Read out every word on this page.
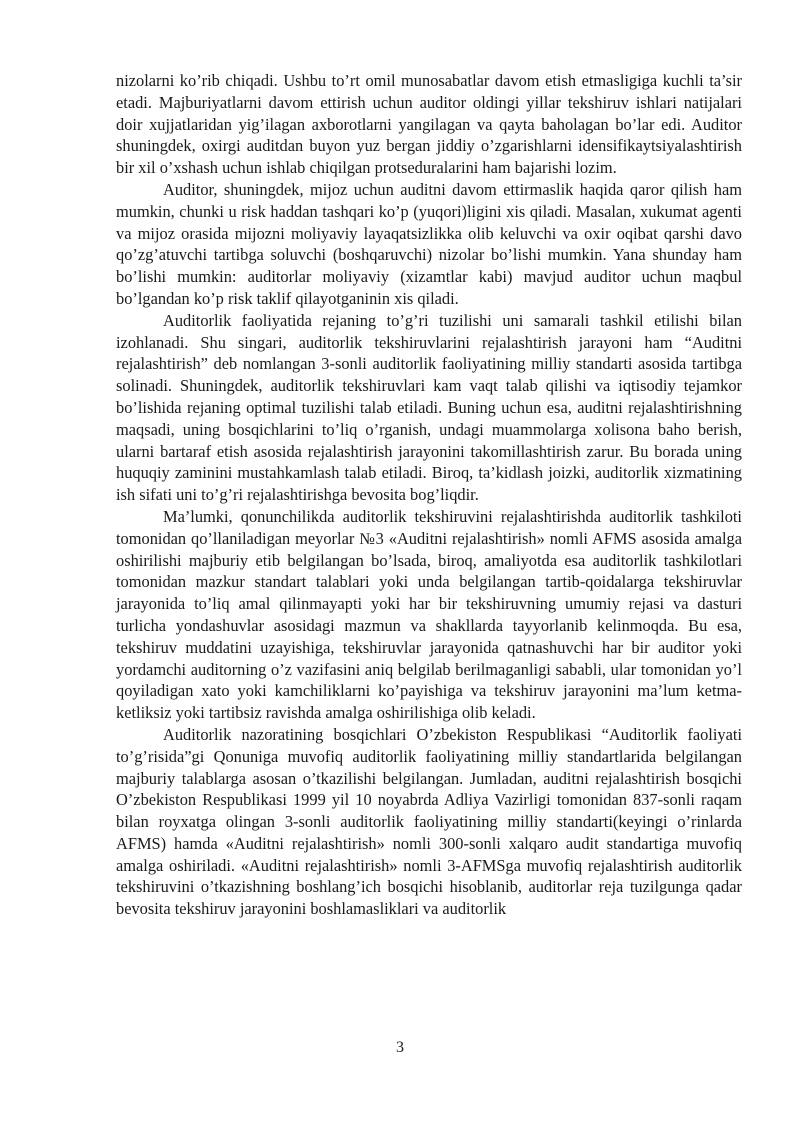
nizolarni ko’rib chiqadi. Ushbu to’rt omil munosabatlar davom etish etmasligiga kuchli ta’sir etadi. Majburiyatlarni davom ettirish uchun auditor oldingi yillar tekshiruv ishlari natijalari doir xujjatlaridan yig’ilagan axborotlarni yangilagan va qayta baholagan bo’lar edi. Auditor shuningdek, oxirgi auditdan buyon yuz bergan jiddiy o’zgarishlarni idensifikaytsiyalashtirish bir xil o’xshash uchun ishlab chiqilgan protseduralarini ham bajarishi lozim.

Auditor, shuningdek, mijoz uchun auditni davom ettirmaslik haqida qaror qilish ham mumkin, chunki u risk haddan tashqari ko’p (yuqori)ligini xis qiladi. Masalan, xukumat agenti va mijoz orasida mijozni moliyaviy layaqatsizlikka olib keluvchi va oxir oqibat qarshi davo qo’zg’atuvchi tartibga soluvchi (boshqaruvchi) nizolar bo’lishi mumkin. Yana shunday ham bo’lishi mumkin: auditorlar moliyaviy (xizamtlar kabi) mavjud auditor uchun maqbul bo’lgandan ko’p risk taklif qilayotganinin xis qiladi.

Auditorlik faoliyatida rejaning to’g’ri tuzilishi uni samarali tashkil etilishi bilan izohlanadi. Shu singari, auditorlik tekshiruvlarini rejalashtirish jarayoni ham “Auditni rejalashtirish” deb nomlangan 3-sonli auditorlik faoliyatining milliy standarti asosida tartibga solinadi. Shuningdek, auditorlik tekshiruvlari kam vaqt talab qilishi va iqtisodiy tejamkor bo’lishida rejaning optimal tuzilishi talab etiladi. Buning uchun esa, auditni rejalashtirishning maqsadi, uning bosqichlarini to’liq o’rganish, undagi muammolarga xolisona baho berish, ularni bartaraf etish asosida rejalashtirish jarayonini takomillashtirish zarur. Bu borada uning huquqiy zaminini mustahkamlash talab etiladi. Biroq, ta’kidlash joizki, auditorlik xizmatining ish sifati uni to’g’ri rejalashtirishga bevosita bog’liqdir.

Ma’lumki, qonunchilikda auditorlik tekshiruvini rejalashtirishda auditorlik tashkiloti tomonidan qo’llaniladigan meyorlar №3 «Auditni rejalashtirish» nomli AFMS asosida amalga oshirilishi majburiy etib belgilangan bo’lsada, biroq, amaliyotda esa auditorlik tashkilotlari tomonidan mazkur standart talablari yoki unda belgilangan tartib-qoidalarga tekshiruvlar jarayonida to’liq amal qilinmayapti yoki har bir tekshiruvning umumiy rejasi va dasturi turlicha yondashuvlar asosidagi mazmun va shakllarda tayyorlanib kelinmoqda. Bu esa, tekshiruv muddatini uzayishiga, tekshiruvlar jarayonida qatnashuvchi har bir auditor yoki yordamchi auditorning o’z vazifasini aniq belgilab berilmaganligi sababli, ular tomonidan yo’l qoyiladigan xato yoki kamchiliklarni ko’payishiga va tekshiruv jarayonini ma’lum ketma-ketliksiz yoki tartibsiz ravishda amalga oshirilishiga olib keladi.

Auditorlik nazoratining bosqichlari O’zbekiston Respublikasi “Auditorlik faoliyati to’g’risida”gi Qonuniga muvofiq auditorlik faoliyatining milliy standartlarida belgilangan majburiy talablarga asosan o’tkazilishi belgilangan. Jumladan, auditni rejalashtirish bosqichi O’zbekiston Respublikasi 1999 yil 10 noyabrda Adliya Vazirligi tomonidan 837-sonli raqam bilan royxatga olingan 3-sonli auditorlik faoliyatining milliy standarti(keyingi o’rinlarda AFMS) hamda «Auditni rejalashtirish» nomli 300-sonli xalqaro audit standartiga muvofiq amalga oshiriladi. «Auditni rejalashtirish» nomli 3-AFMSga muvofiq rejalashtirish auditorlik tekshiruvini o’tkazishning boshlang’ich bosqichi hisoblanib, auditorlar reja tuzilgunga qadar bevosita tekshiruv jarayonini boshlamasliklari va auditorlik

3
